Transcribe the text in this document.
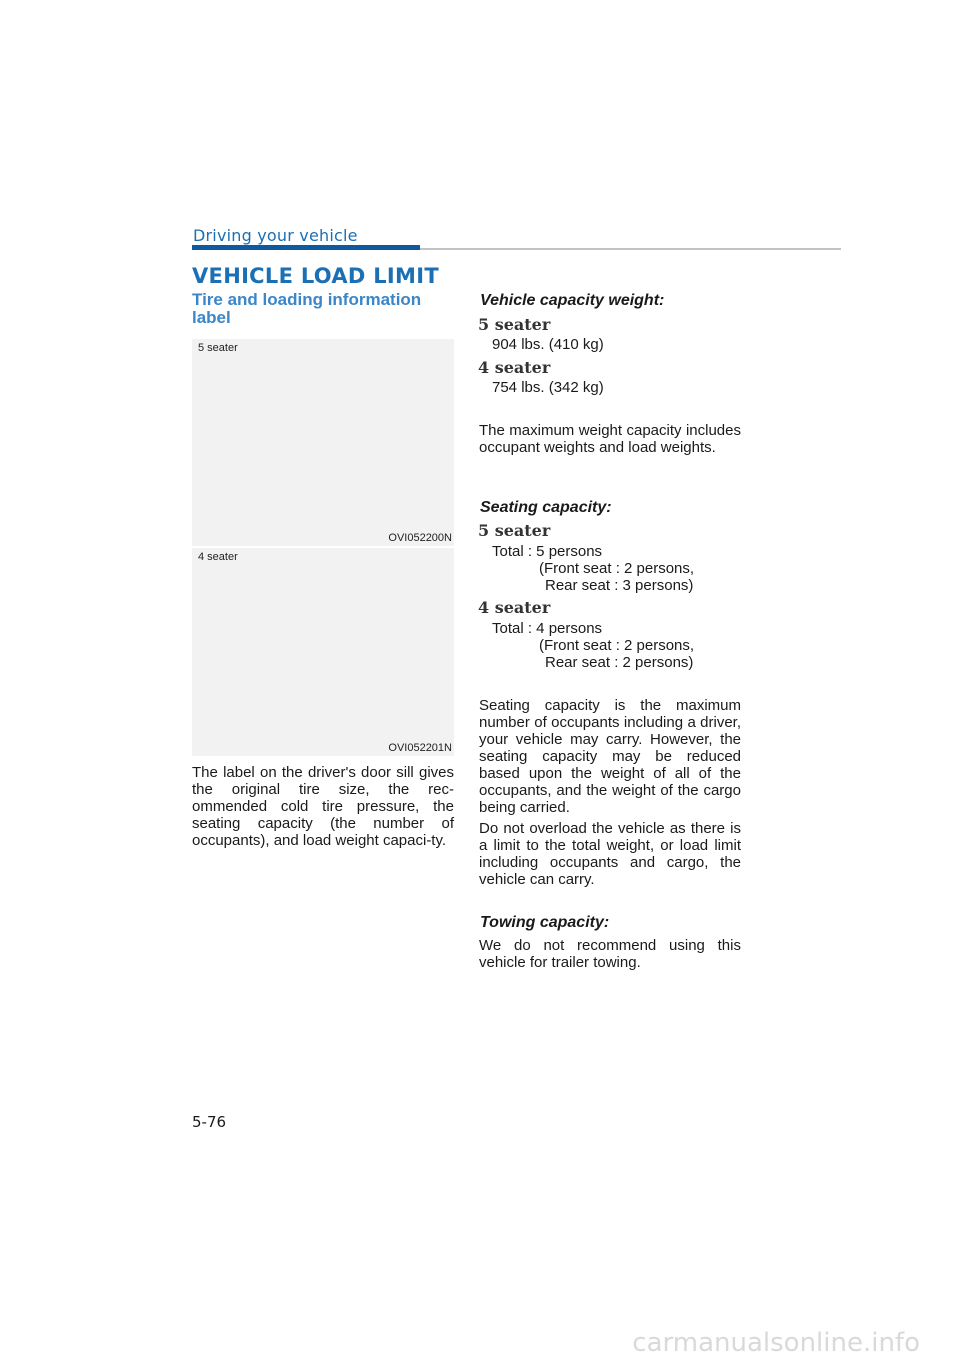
Driving your vehicle
VEHICLE LOAD LIMIT
Tire and loading information label
5 seater
OVI052200N
4 seater
OVI052201N

The label on the driver's door sill gives the original tire size, the rec-ommended cold tire pressure, the seating capacity (the number of occupants), and load weight capaci-ty.

Vehicle capacity weight:
5 seater
904 lbs. (410 kg)
4 seater
754 lbs. (342 kg)

The maximum weight capacity includes occupant weights and load weights.

Seating capacity:
5 seater
Total : 5 persons
(Front seat : 2 persons,
Rear seat : 3 persons)
4 seater
Total : 4 persons
(Front seat : 2 persons,
Rear seat : 2 persons)

Seating capacity is the maximum number of occupants including a driver, your vehicle may carry. However, the seating capacity may be reduced based upon the weight of all of the occupants, and the weight of the cargo being carried.

Do not overload the vehicle as there is a limit to the total weight, or load limit including occupants and cargo, the vehicle can carry.

Towing capacity:

We do not recommend using this vehicle for trailer towing.

5-76
carmanualsonline.info
